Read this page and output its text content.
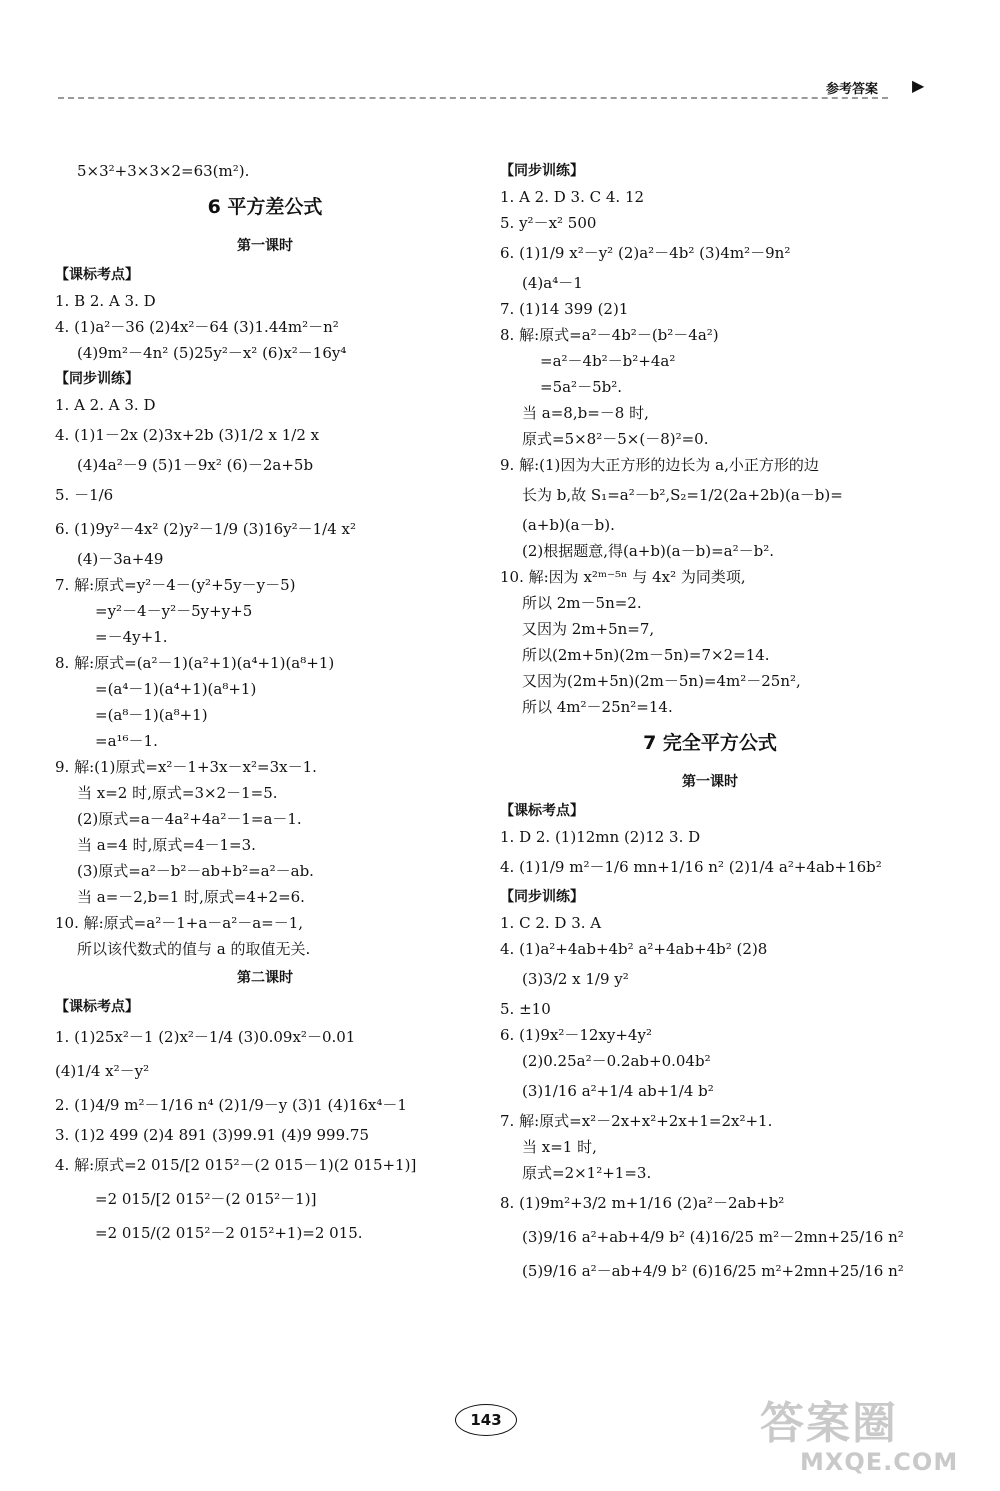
参考答案 ▶
5×3²+3×3×2=63(m²).
6 平方差公式
第一课时
【课标考点】
1. B 2. A 3. D
4. (1)a²－36 (2)4x²－64 (3)1.44m²－n²
(4)9m²－4n² (5)25y²－x² (6)x²－16y⁴
【同步训练】
1. A 2. A 3. D
4. (1)1－2x (2)3x+2b (3)1/2 x 1/2 x
(4)4a²－9 (5)1－9x² (6)－2a+5b
5. －1/6
6. (1)9y²－4x² (2)y²－1/9 (3)16y²－1/4 x²
(4)－3a+49
7. 解:原式=y²－4－(y²+5y－y－5)
=y²－4－y²－5y+y+5
=－4y+1.
8. 解:原式=(a²－1)(a²+1)(a⁴+1)(a⁸+1)
=(a⁴－1)(a⁴+1)(a⁸+1)
=(a⁸－1)(a⁸+1)
=a¹⁶－1.
9. 解:(1)原式=x²－1+3x－x²=3x－1.
当 x=2 时,原式=3×2－1=5.
(2)原式=a－4a²+4a²－1=a－1.
当 a=4 时,原式=4－1=3.
(3)原式=a²－b²－ab+b²=a²－ab.
当 a=－2,b=1 时,原式=4+2=6.
10. 解:原式=a²－1+a－a²－a=－1,
所以该代数式的值与 a 的取值无关.
第二课时
【课标考点】
1. (1)25x²－1 (2)x²－1/4 (3)0.09x²－0.01
(4)1/4 x²－y²
2. (1)4/9 m²－1/16 n⁴ (2)1/9－y (3)1 (4)16x⁴－1
3. (1)2 499 (2)4 891 (3)99.91 (4)9 999.75
4. 解:原式=2 015/[2 015²－(2 015－1)(2 015+1)]
=2 015/[2 015²－(2 015²－1)]
=2 015/(2 015²－2 015²+1)=2 015.
【同步训练】
1. A 2. D 3. C 4. 12
5. y²－x² 500
6. (1)1/9 x²－y² (2)a²－4b² (3)4m²－9n²
(4)a⁴－1
7. (1)14 399 (2)1
8. 解:原式=a²－4b²－(b²－4a²)
=a²－4b²－b²+4a²
=5a²－5b².
当 a=8,b=－8 时,
原式=5×8²－5×(－8)²=0.
9. 解:(1)因为大正方形的边长为 a,小正方形的边
长为 b,故 S₁=a²－b²,S₂=1/2(2a+2b)(a－b)=
(a+b)(a－b).
(2)根据题意,得(a+b)(a－b)=a²－b².
10. 解:因为 x²ᵐ⁻⁵ⁿ 与 4x² 为同类项,
所以 2m－5n=2.
又因为 2m+5n=7,
所以(2m+5n)(2m－5n)=7×2=14.
又因为(2m+5n)(2m－5n)=4m²－25n²,
所以 4m²－25n²=14.
7 完全平方公式
第一课时
【课标考点】
1. D 2. (1)12mn (2)12 3. D
4. (1)1/9 m²－1/6 mn+1/16 n² (2)1/4 a²+4ab+16b²
【同步训练】
1. C 2. D 3. A
4. (1)a²+4ab+4b² a²+4ab+4b² (2)8
(3)3/2 x 1/9 y²
5. ±10
6. (1)9x²－12xy+4y²
(2)0.25a²－0.2ab+0.04b²
(3)1/16 a²+1/4 ab+1/4 b²
7. 解:原式=x²－2x+x²+2x+1=2x²+1.
当 x=1 时,
原式=2×1²+1=3.
8. (1)9m²+3/2 m+1/16 (2)a²－2ab+b²
(3)9/16 a²+ab+4/9 b² (4)16/25 m²－2mn+25/16 n²
(5)9/16 a²－ab+4/9 b² (6)16/25 m²+2mn+25/16 n²
143	答案圈
MXQE.COM
